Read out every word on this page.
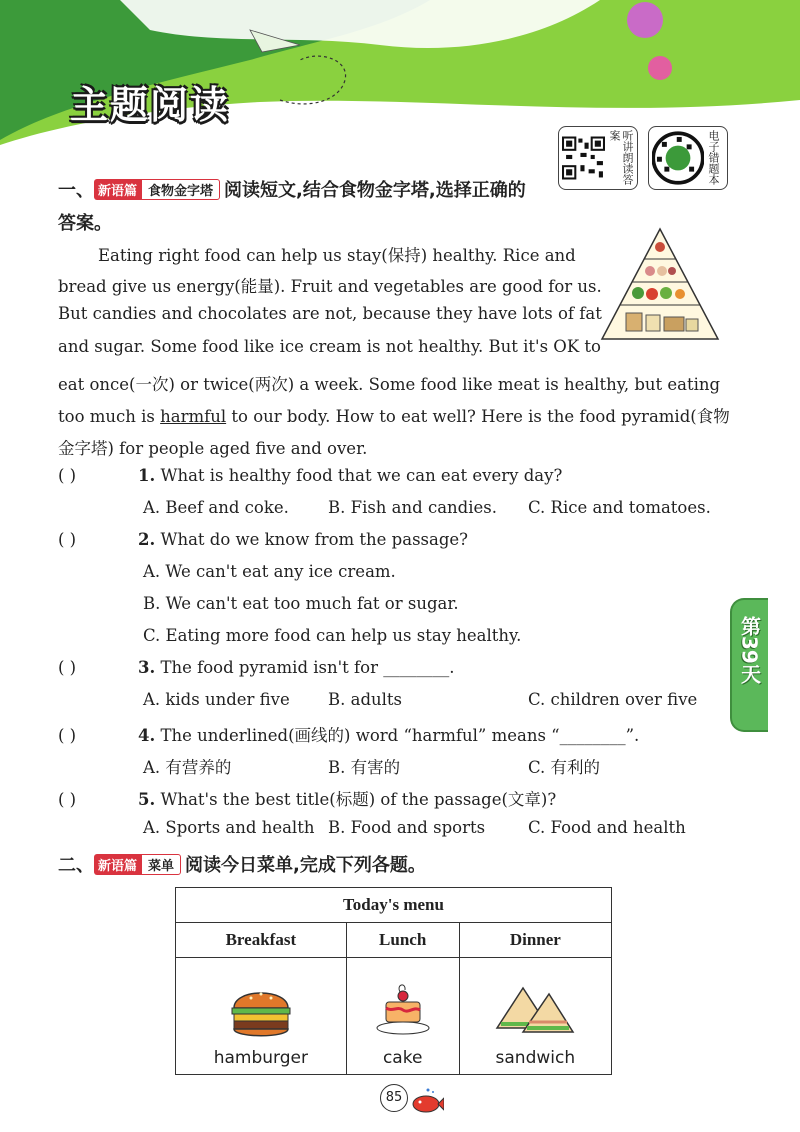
主题阅读
听讲朗读答案	电子错题本
一、 新语篇 食物金字塔 阅读短文,结合食物金字塔,选择正确的
答案。
Eating right food can help us stay(保持) healthy. Rice and
bread give us energy(能量). Fruit and vegetables are good for us.
But candies and chocolates are not, because they have lots of fat
and sugar. Some food like ice cream is not healthy. But it's OK to
eat once(一次) or twice(两次) a week. Some food like meat is healthy, but eating
too much is harmful to our body. How to eat well? Here is the food pyramid(食物
金字塔) for people aged five and over.
( )	1. What is healthy food that we can eat every day?
A. Beef and coke. B. Fish and candies. C. Rice and tomatoes.
( )	2. What do we know from the passage?
A. We can't eat any ice cream.
B. We can't eat too much fat or sugar.
C. Eating more food can help us stay healthy.
( )	3. The food pyramid isn't for ________.
A. kids under five B. adults	C. children over five
( )	4. The underlined(画线的) word “harmful” means “________”.
A. 有营养的	B. 有害的	C. 有利的
( )	5. What's the best title(标题) of the passage(文章)?
A. Sports and health B. Food and sports	C. Food and health
第39天
二、 新语篇 菜单 阅读今日菜单,完成下列各题。
Today's menu		
Breakfast	Lunch	Dinner

hamburger	cake	sandwich
85
